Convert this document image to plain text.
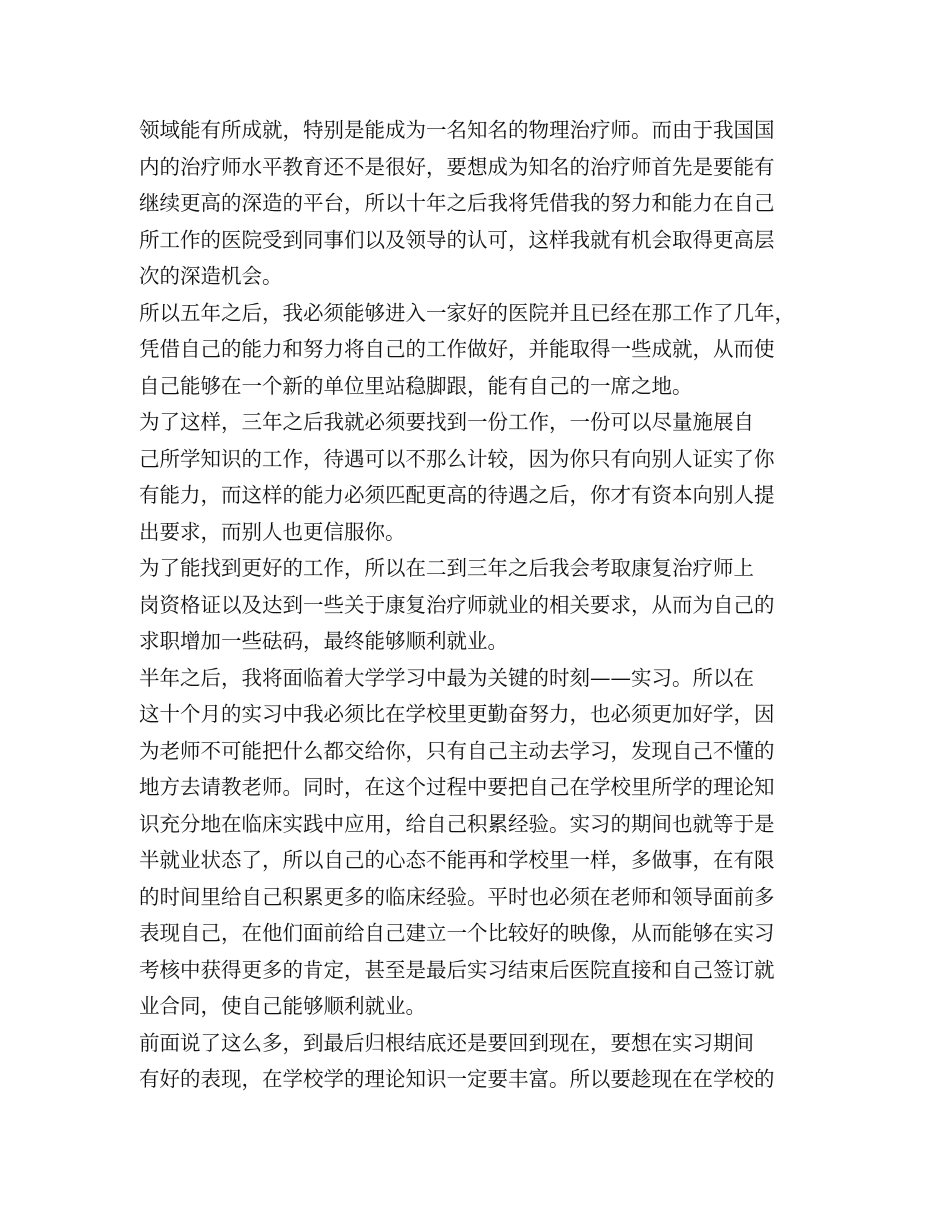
领域能有所成就，特别是能成为一名知名的物理治疗师。而由于我国国
内的治疗师水平教育还不是很好，要想成为知名的治疗师首先是要能有
继续更高的深造的平台，所以十年之后我将凭借我的努力和能力在自己
所工作的医院受到同事们以及领导的认可，这样我就有机会取得更高层
次的深造机会。
所以五年之后，我必须能够进入一家好的医院并且已经在那工作了几年，
凭借自己的能力和努力将自己的工作做好，并能取得一些成就，从而使
自己能够在一个新的单位里站稳脚跟，能有自己的一席之地。
为了这样，三年之后我就必须要找到一份工作，一份可以尽量施展自
己所学知识的工作，待遇可以不那么计较，因为你只有向别人证实了你
有能力，而这样的能力必须匹配更高的待遇之后，你才有资本向别人提
出要求，而别人也更信服你。
为了能找到更好的工作，所以在二到三年之后我会考取康复治疗师上
岗资格证以及达到一些关于康复治疗师就业的相关要求，从而为自己的
求职增加一些砝码，最终能够顺利就业。
半年之后，我将面临着大学学习中最为关键的时刻——实习。所以在
这十个月的实习中我必须比在学校里更勤奋努力，也必须更加好学，因
为老师不可能把什么都交给你，只有自己主动去学习，发现自己不懂的
地方去请教老师。同时，在这个过程中要把自己在学校里所学的理论知
识充分地在临床实践中应用，给自己积累经验。实习的期间也就等于是
半就业状态了，所以自己的心态不能再和学校里一样，多做事，在有限
的时间里给自己积累更多的临床经验。平时也必须在老师和领导面前多
表现自己，在他们面前给自己建立一个比较好的映像，从而能够在实习
考核中获得更多的肯定，甚至是最后实习结束后医院直接和自己签订就
业合同，使自己能够顺利就业。
前面说了这么多，到最后归根结底还是要回到现在，要想在实习期间
有好的表现，在学校学的理论知识一定要丰富。所以要趁现在在学校的
